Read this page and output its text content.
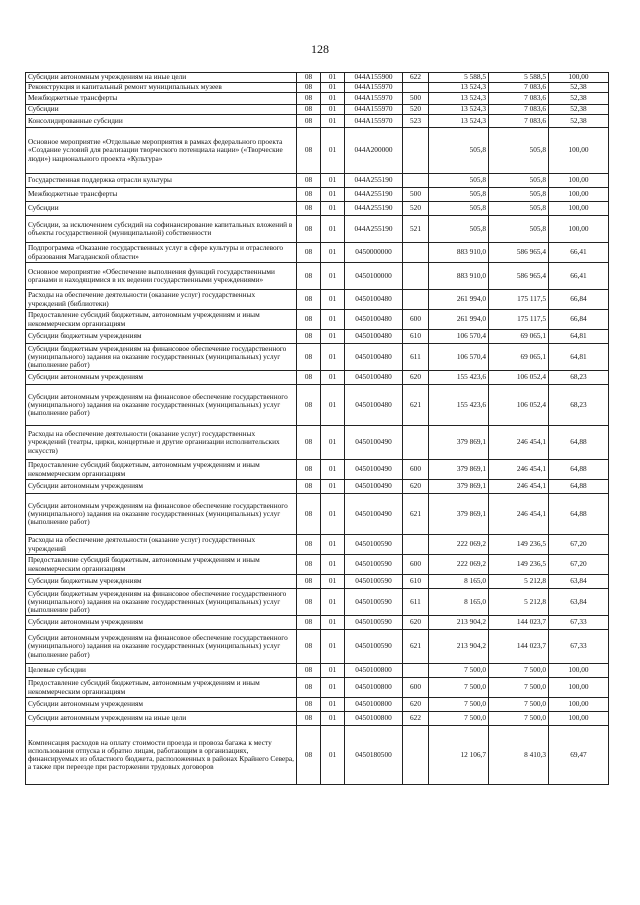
128
Субсидии автономным учреждениям на иные цели	08	01	044A155900	622	5 588,5	5 588,5	100,00
Реконструкция и капитальный ремонт муниципальных музеев	08	01	044A155970		13 524,3	7 083,6	52,38
Межбюджетные трансферты	08	01	044A155970	500	13 524,3	7 083,6	52,38
Субсидии	08	01	044A155970	520	13 524,3	7 083,6	52,38
Консолидированные субсидии	08	01	044A155970	523	13 524,3	7 083,6	52,38
Основное мероприятие «Отдельные мероприятия в рамках федерального проекта «Создание условий для реализации творческого потенциала нации» («Творческие люди») национального проекта «Культура»	08	01	044A200000		505,8	505,8	100,00
Государственная поддержка отрасли культуры	08	01	044A255190		505,8	505,8	100,00
Межбюджетные трансферты	08	01	044A255190	500	505,8	505,8	100,00
Субсидии	08	01	044A255190	520	505,8	505,8	100,00
Субсидии, за исключением субсидий на софинансирование капитальных вложений в объекты государственной (муниципальной) собственности	08	01	044A255190	521	505,8	505,8	100,00
Подпрограмма «Оказание государственных услуг в сфере культуры и отраслевого образования Магаданской области»	08	01	0450000000		883 910,0	586 965,4	66,41
Основное мероприятие «Обеспечение выполнения функций государственными органами и находящимися в их ведении государственными учреждениями»	08	01	0450100000		883 910,0	586 965,4	66,41
Расходы на обеспечение деятельности (оказание услуг) государственных учреждений (библиотеки)	08	01	0450100480		261 994,0	175 117,5	66,84
Предоставление субсидий бюджетным, автономным учреждениям и иным некоммерческим организациям	08	01	0450100480	600	261 994,0	175 117,5	66,84
Субсидии бюджетным учреждениям	08	01	0450100480	610	106 570,4	69 065,1	64,81
Субсидии бюджетным учреждениям на финансовое обеспечение государственного (муниципального) задания на оказание государственных (муниципальных) услуг (выполнение работ)	08	01	0450100480	611	106 570,4	69 065,1	64,81
Субсидии автономным учреждениям	08	01	0450100480	620	155 423,6	106 052,4	68,23
Субсидии автономным учреждениям на финансовое обеспечение государственного (муниципального) задания на оказание государственных (муниципальных) услуг (выполнение работ)	08	01	0450100480	621	155 423,6	106 052,4	68,23
Расходы на обеспечение деятельности (оказание услуг) государственных учреждений (театры, цирки, концертные и другие организации исполнительских искусств)	08	01	0450100490		379 869,1	246 454,1	64,88
Предоставление субсидий бюджетным, автономным учреждениям и иным некоммерческим организациям	08	01	0450100490	600	379 869,1	246 454,1	64,88
Субсидии автономным учреждениям	08	01	0450100490	620	379 869,1	246 454,1	64,88
Субсидии автономным учреждениям на финансовое обеспечение государственного (муниципального) задания на оказание государственных (муниципальных) услуг (выполнение работ)	08	01	0450100490	621	379 869,1	246 454,1	64,88
Расходы на обеспечение деятельности (оказание услуг) государственных учреждений	08	01	0450100590		222 069,2	149 236,5	67,20
Предоставление субсидий бюджетным, автономным учреждениям и иным некоммерческим организациям	08	01	0450100590	600	222 069,2	149 236,5	67,20
Субсидии бюджетным учреждениям	08	01	0450100590	610	8 165,0	5 212,8	63,84
Субсидии бюджетным учреждениям на финансовое обеспечение государственного (муниципального) задания на оказание государственных (муниципальных) услуг (выполнение работ)	08	01	0450100590	611	8 165,0	5 212,8	63,84
Субсидии автономным учреждениям	08	01	0450100590	620	213 904,2	144 023,7	67,33
Субсидии автономным учреждениям на финансовое обеспечение государственного (муниципального) задания на оказание государственных (муниципальных) услуг (выполнение работ)	08	01	0450100590	621	213 904,2	144 023,7	67,33
Целевые субсидии	08	01	0450100800		7 500,0	7 500,0	100,00
Предоставление субсидий бюджетным, автономным учреждениям и иным некоммерческим организациям	08	01	0450100800	600	7 500,0	7 500,0	100,00
Субсидии автономным учреждениям	08	01	0450100800	620	7 500,0	7 500,0	100,00
Субсидии автономным учреждениям на иные цели	08	01	0450100800	622	7 500,0	7 500,0	100,00
Компенсация расходов на оплату стоимости проезда и провоза багажа к месту использования отпуска и обратно лицам, работающим в организациях, финансируемых из областного бюджета, расположенных в районах Крайнего Севера, а также при переезде при расторжении трудовых договоров	08	01	0450180500		12 106,7	8 410,3	69,47
